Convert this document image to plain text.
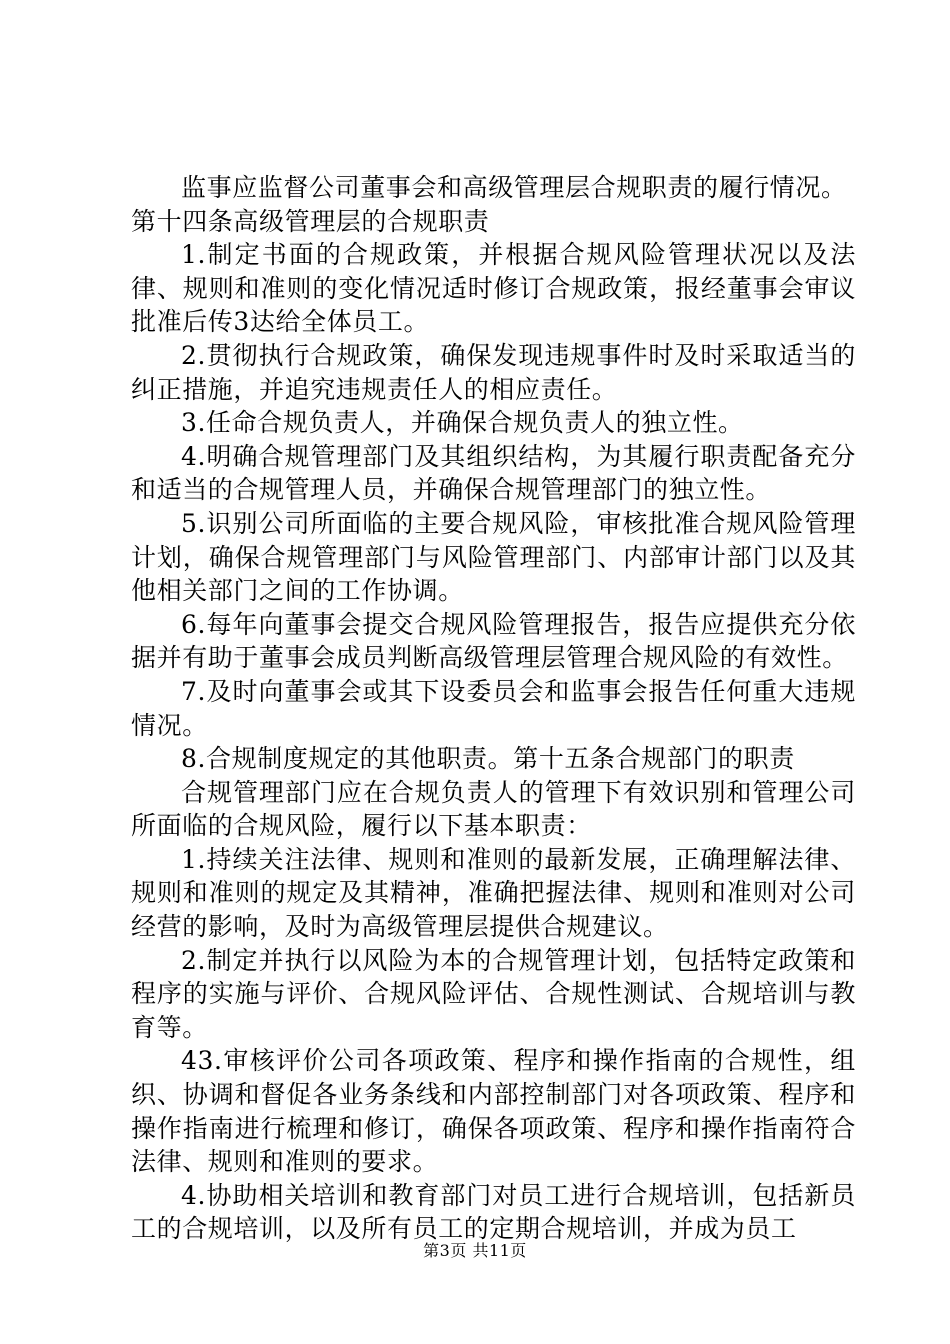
监事应监督公司董事会和高级管理层合规职责的履行情况。

第十四条高级管理层的合规职责

1.制定书面的合规政策，并根据合规风险管理状况以及法律、规则和准则的变化情况适时修订合规政策，报经董事会审议批准后传3达给全体员工。

2.贯彻执行合规政策，确保发现违规事件时及时采取适当的纠正措施，并追究违规责任人的相应责任。

3.任命合规负责人，并确保合规负责人的独立性。

4.明确合规管理部门及其组织结构，为其履行职责配备充分和适当的合规管理人员，并确保合规管理部门的独立性。

5.识别公司所面临的主要合规风险，审核批准合规风险管理计划，确保合规管理部门与风险管理部门、内部审计部门以及其他相关部门之间的工作协调。

6.每年向董事会提交合规风险管理报告，报告应提供充分依据并有助于董事会成员判断高级管理层管理合规风险的有效性。

7.及时向董事会或其下设委员会和监事会报告任何重大违规情况。

8.合规制度规定的其他职责。第十五条合规部门的职责

合规管理部门应在合规负责人的管理下有效识别和管理公司所面临的合规风险，履行以下基本职责：

1.持续关注法律、规则和准则的最新发展，正确理解法律、规则和准则的规定及其精神，准确把握法律、规则和准则对公司经营的影响，及时为高级管理层提供合规建议。

2.制定并执行以风险为本的合规管理计划，包括特定政策和程序的实施与评价、合规风险评估、合规性测试、合规培训与教育等。

43.审核评价公司各项政策、程序和操作指南的合规性，组织、协调和督促各业务条线和内部控制部门对各项政策、程序和操作指南进行梳理和修订，确保各项政策、程序和操作指南符合法律、规则和准则的要求。

4.协助相关培训和教育部门对员工进行合规培训，包括新员工的合规培训，以及所有员工的定期合规培训，并成为员工

第3页 共11页
